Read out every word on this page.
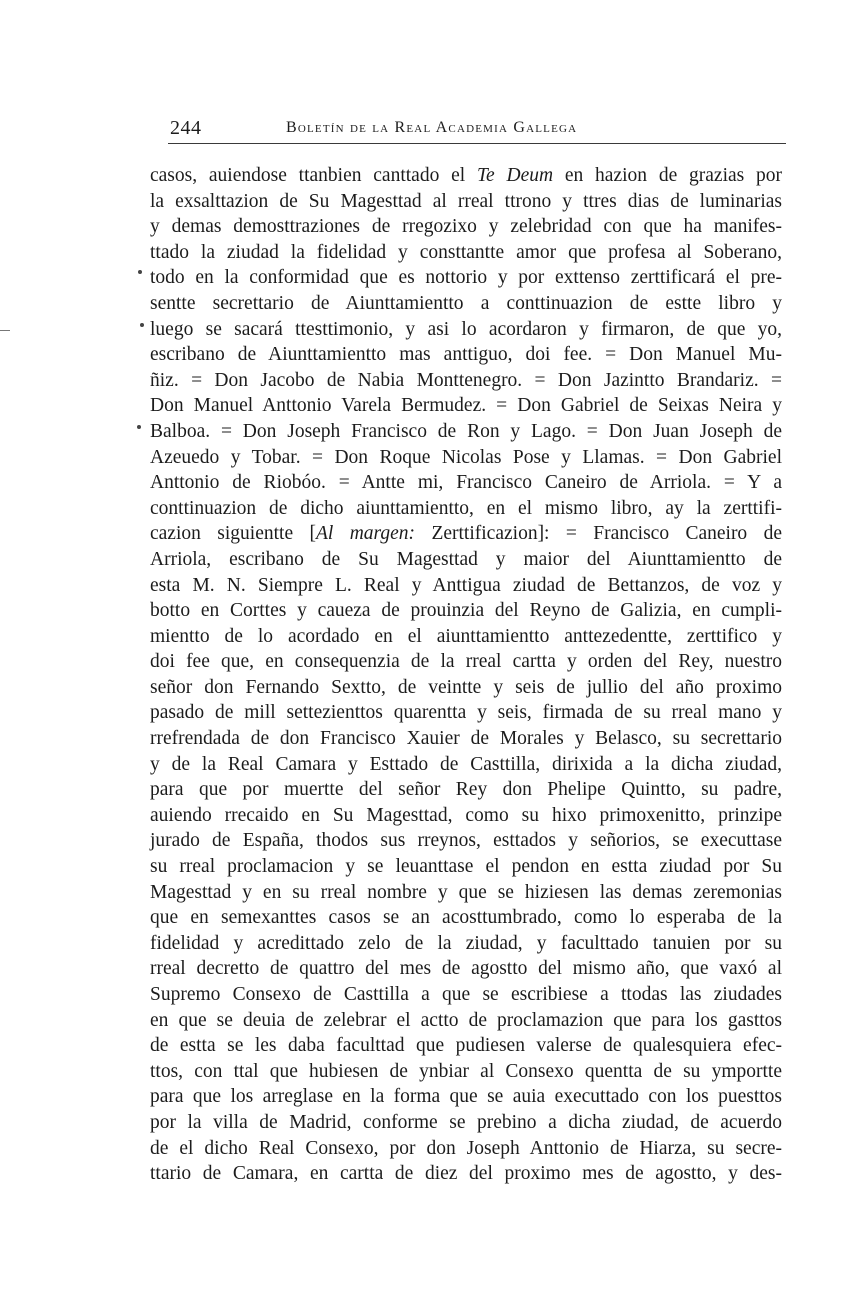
244	Boletín de la Real Academia Gallega
casos, auiendose ttanbien canttado el Te Deum en hazion de grazias por
la exsalttazion de Su Magesttad al rreal ttrono y ttres dias de luminarias
y demas demosttraziones de rregozixo y zelebridad con que ha manifes-
ttado la ziudad la fidelidad y consttantte amor que profesa al Soberano,
todo en la conformidad que es nottorio y por exttenso zerttificará el pre-
sentte secrettario de Aiunttamientto a conttinuazion de estte libro y
luego se sacará ttesttimonio, y asi lo acordaron y firmaron, de que yo,
escribano de Aiunttamientto mas anttiguo, doi fee. = Don Manuel Mu-
ñiz. = Don Jacobo de Nabia Monttenegro. = Don Jazintto Brandariz. =
Don Manuel Anttonio Varela Bermudez. = Don Gabriel de Seixas Neira y
Balboa. = Don Joseph Francisco de Ron y Lago. = Don Juan Joseph de
Azeuedo y Tobar. = Don Roque Nicolas Pose y Llamas. = Don Gabriel
Anttonio de Riobóo. = Antte mi, Francisco Caneiro de Arriola. = Y a
conttinuazion de dicho aiunttamientto, en el mismo libro, ay la zerttifi-
cazion siguientte [Al margen: Zerttificazion]: = Francisco Caneiro de
Arriola, escribano de Su Magesttad y maior del Aiunttamientto de
esta M. N. Siempre L. Real y Anttigua ziudad de Bettanzos, de voz y
botto en Corttes y caueza de prouinzia del Reyno de Galizia, en cumpli-
mientto de lo acordado en el aiunttamientto anttezedentte, zerttifico y
doi fee que, en consequenzia de la rreal cartta y orden del Rey, nuestro
señor don Fernando Sextto, de veintte y seis de jullio del año proximo
pasado de mill settezienttos quarentta y seis, firmada de su rreal mano y
rrefrendada de don Francisco Xauier de Morales y Belasco, su secrettario
y de la Real Camara y Esttado de Casttilla, dirixida a la dicha ziudad,
para que por muertte del señor Rey don Phelipe Quintto, su padre,
auiendo rrecaido en Su Magesttad, como su hixo primoxenitto, prinzipe
jurado de España, thodos sus rreynos, esttados y señorios, se executtase
su rreal proclamacion y se leuanttase el pendon en estta ziudad por Su
Magesttad y en su rreal nombre y que se hiziesen las demas zeremonias
que en semexanttes casos se an acosttumbrado, como lo esperaba de la
fidelidad y acredittado zelo de la ziudad, y faculttado tanuien por su
rreal decretto de quattro del mes de agostto del mismo año, que vaxó al
Supremo Consexo de Casttilla a que se escribiese a ttodas las ziudades
en que se deuia de zelebrar el actto de proclamazion que para los gasttos
de estta se les daba faculttad que pudiesen valerse de qualesquiera efec-
ttos, con ttal que hubiesen de ynbiar al Consexo quentta de su ymportte
para que los arreglase en la forma que se auia executtado con los puesttos
por la villa de Madrid, conforme se prebino a dicha ziudad, de acuerdo
de el dicho Real Consexo, por don Joseph Anttonio de Hiarza, su secre-
ttario de Camara, en cartta de diez del proximo mes de agostto, y des-
